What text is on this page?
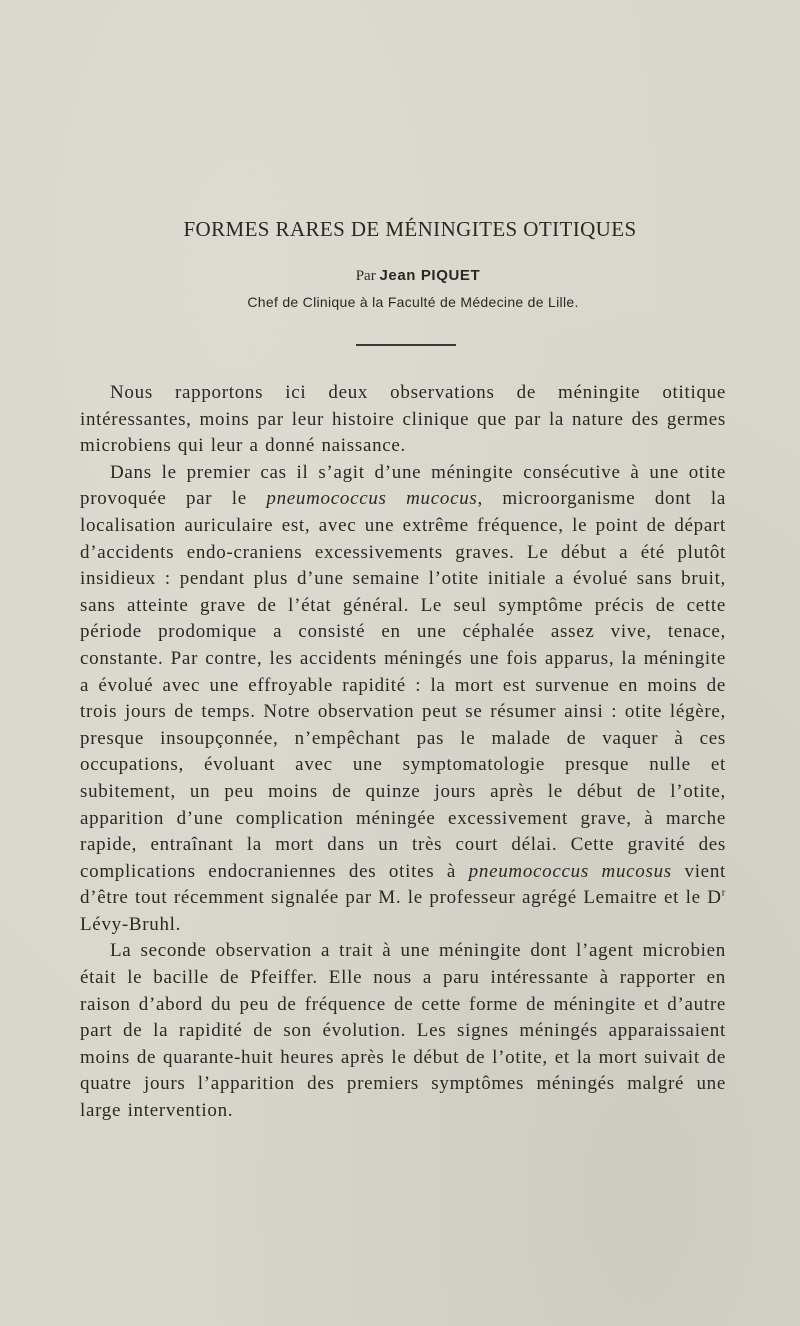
FORMES RARES DE MÉNINGITES OTITIQUES

Par Jean PIQUET

Chef de Clinique à la Faculté de Médecine de Lille.

Nous rapportons ici deux observations de méningite otitique intéressantes, moins par leur histoire clinique que par la nature des germes microbiens qui leur a donné naissance.

Dans le premier cas il s’agit d’une méningite consécutive à une otite provoquée par le pneumococcus mucocus, microorganisme dont la localisation auriculaire est, avec une extrême fréquence, le point de départ d’accidents endo-craniens excessivements graves. Le début a été plutôt insidieux : pendant plus d’une semaine l’otite initiale a évolué sans bruit, sans atteinte grave de l’état général. Le seul symptôme précis de cette période prodomique a consisté en une céphalée assez vive, tenace, constante. Par contre, les accidents méningés une fois apparus, la méningite a évolué avec une effroyable rapidité : la mort est survenue en moins de trois jours de temps. Notre observation peut se résumer ainsi : otite légère, presque insoupçonnée, n’empêchant pas le malade de vaquer à ces occupations, évoluant avec une symptomatologie presque nulle et subitement, un peu moins de quinze jours après le début de l’otite, apparition d’une complication méningée excessivement grave, à marche rapide, entraînant la mort dans un très court délai. Cette gravité des complications endocraniennes des otites à pneumococcus mucosus vient d’être tout récemment signalée par M. le professeur agrégé Lemaitre et le $D^r$ Lévy-Bruhl.

La seconde observation a trait à une méningite dont l’agent microbien était le bacille de Pfeiffer. Elle nous a paru intéressante à rapporter en raison d’abord du peu de fréquence de cette forme de méningite et d’autre part de la rapidité de son évolution. Les signes méningés apparaissaient moins de quarante-huit heures après le début de l’otite, et la mort suivait de quatre jours l’apparition des premiers symptômes méningés malgré une large intervention.
